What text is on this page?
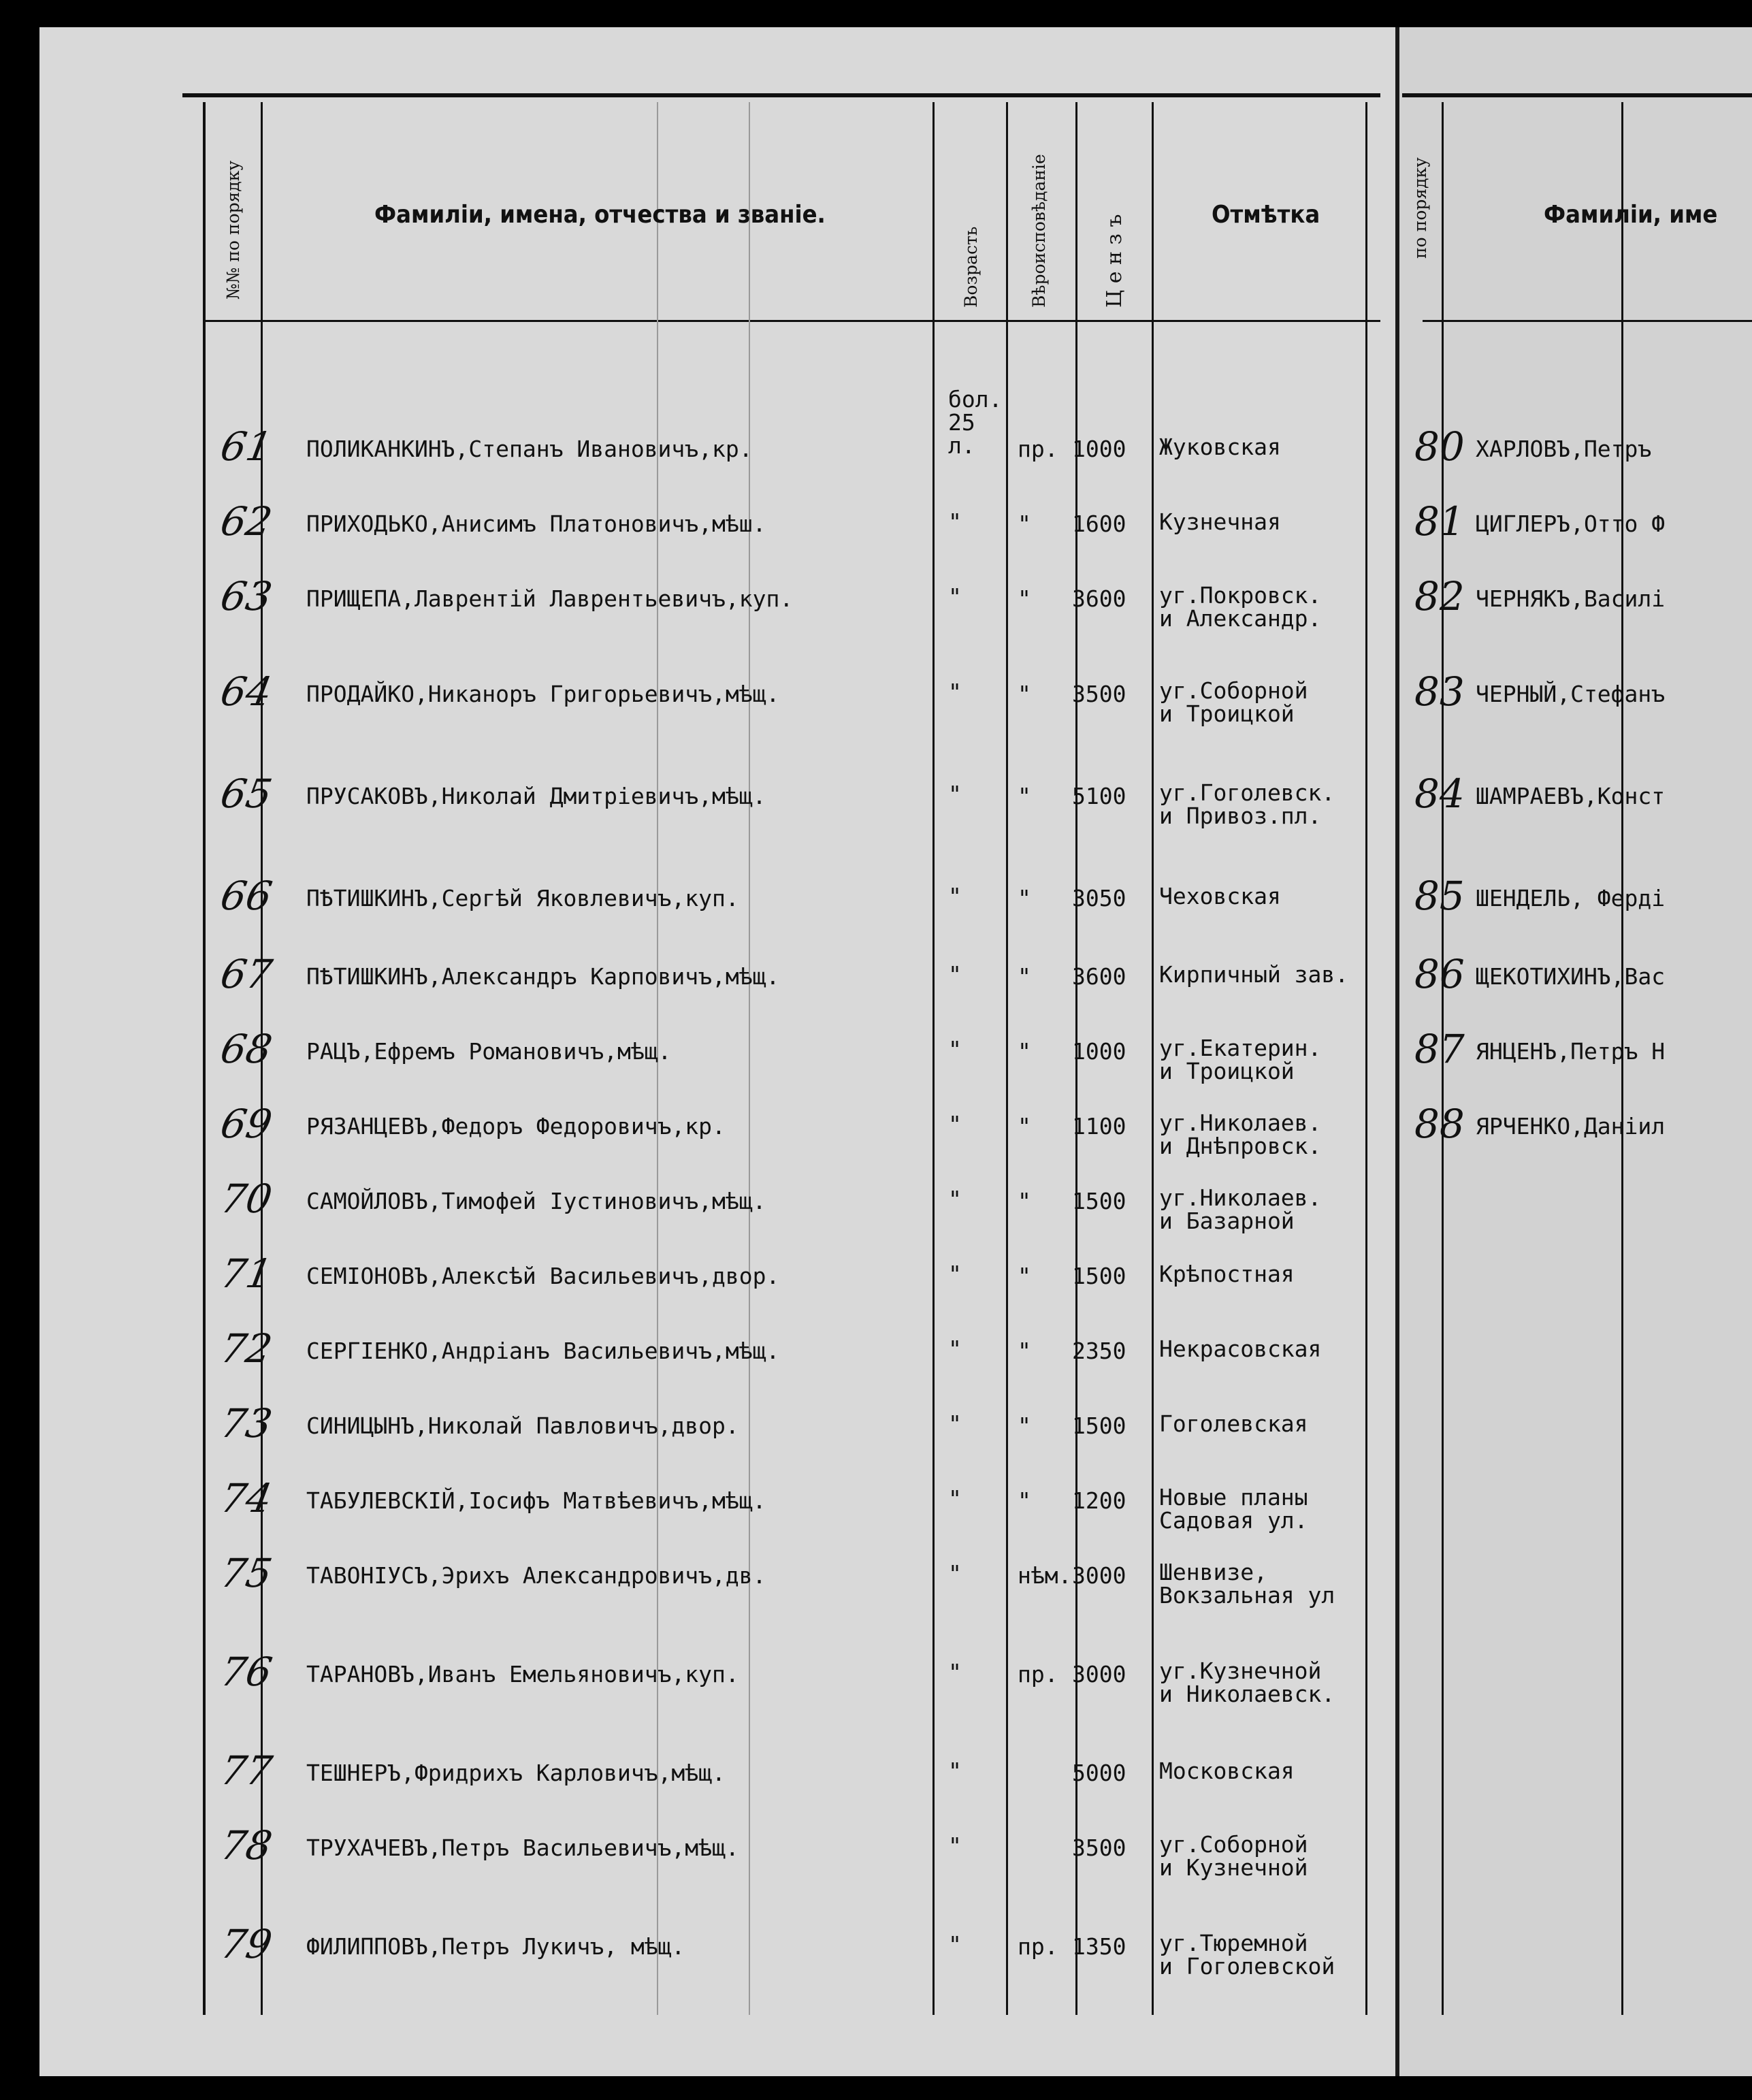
№№ по порядку	Фамиліи, имена, отчества и званіе.
Возрасть	Вѣроисповѣданіе	Ц е н з ъ	Отмѣтка	по порядку	Фамиліи, име
61 ПОЛИКАНКИНЪ,Степанъ Ивановичъ,кр.
бол.
25
л.	пр. 1000 Жуковская
62 ПРИХОДЬКО,Анисимъ Платоновичъ,мѣш.	" " 1600 Кузнечная
63 ПРИЩЕПА,Лаврентій Лаврентьевичъ,куп.	" " 3600 уг.Покровск.
и Александр.
64 ПРОДАЙКО,Никаноръ Григорьевичъ,мѣщ.	" " 3500 уг.Соборной
и Троицкой
65 ПРУСАКОВЪ,Николай Дмитріевичъ,мѣщ.	" " 5100 уг.Гоголевск.
и Привоз.пл.
66 ПѢТИШКИНЪ,Сергѣй Яковлевичъ,куп.	" " 3050 Чеховская
67 ПѢТИШКИНЪ,Александръ Карповичъ,мѣщ.	" " 3600 Кирпичный зав.
68 РАЦЪ,Ефремъ Романовичъ,мѣщ.	" " 1000 уг.Екатерин.
и Троицкой
69 РЯЗАНЦЕВЪ,Федоръ Федоровичъ,кр.	" " 1100 уг.Николаев.
и Днѣпровск.
70 САМОЙЛОВЪ,Тимофей Іустиновичъ,мѣщ.	" " 1500 уг.Николаев.
и Базарной
71 СЕМІОНОВЪ,Алексѣй Васильевичъ,двор.	" " 1500 Крѣпостная
72 СЕРГІЕНКО,Андріанъ Васильевичъ,мѣщ.	" " 2350 Некрасовская
73 СИНИЦЫНЪ,Николай Павловичъ,двор.	" " 1500 Гоголевская
74 ТАБУЛЕВСКІЙ,Іосифъ Матвѣевичъ,мѣщ.	" " 1200 Новые планы
Садовая ул.
75 ТАВОНІУСЪ,Эрихъ Александровичъ,дв.	" нѣм. 3000 Шенвизе,
Вокзальная ул
76 ТАРАНОВЪ,Иванъ Емельяновичъ,куп.	" пр. 3000 уг.Кузнечной
и Николаевск.
77 ТЕШНЕРЪ,Фридрихъ Карловичъ,мѣщ.	"	5000 Московская
78 ТРУХАЧЕВЪ,Петръ Васильевичъ,мѣщ.	"	3500 уг.Соборной
и Кузнечной
79 ФИЛИППОВЪ,Петръ Лукичъ, мѣщ.	" пр. 1350 уг.Тюремной
и Гоголевской
80 ХАРЛОВЪ,Петръ
81 ЦИГЛЕРЪ,Отто Ф
82 ЧЕРНЯКЪ,Василі
83 ЧЕРНЫЙ,Стефанъ
84 ШАМРАЕВЪ,Конст
85 ШЕНДЕЛЬ, Ферді
86 ЩЕКОТИХИНЪ,Вас
87 ЯНЦЕНЪ,Петръ Н
88 ЯРЧЕНКО,Даніил
